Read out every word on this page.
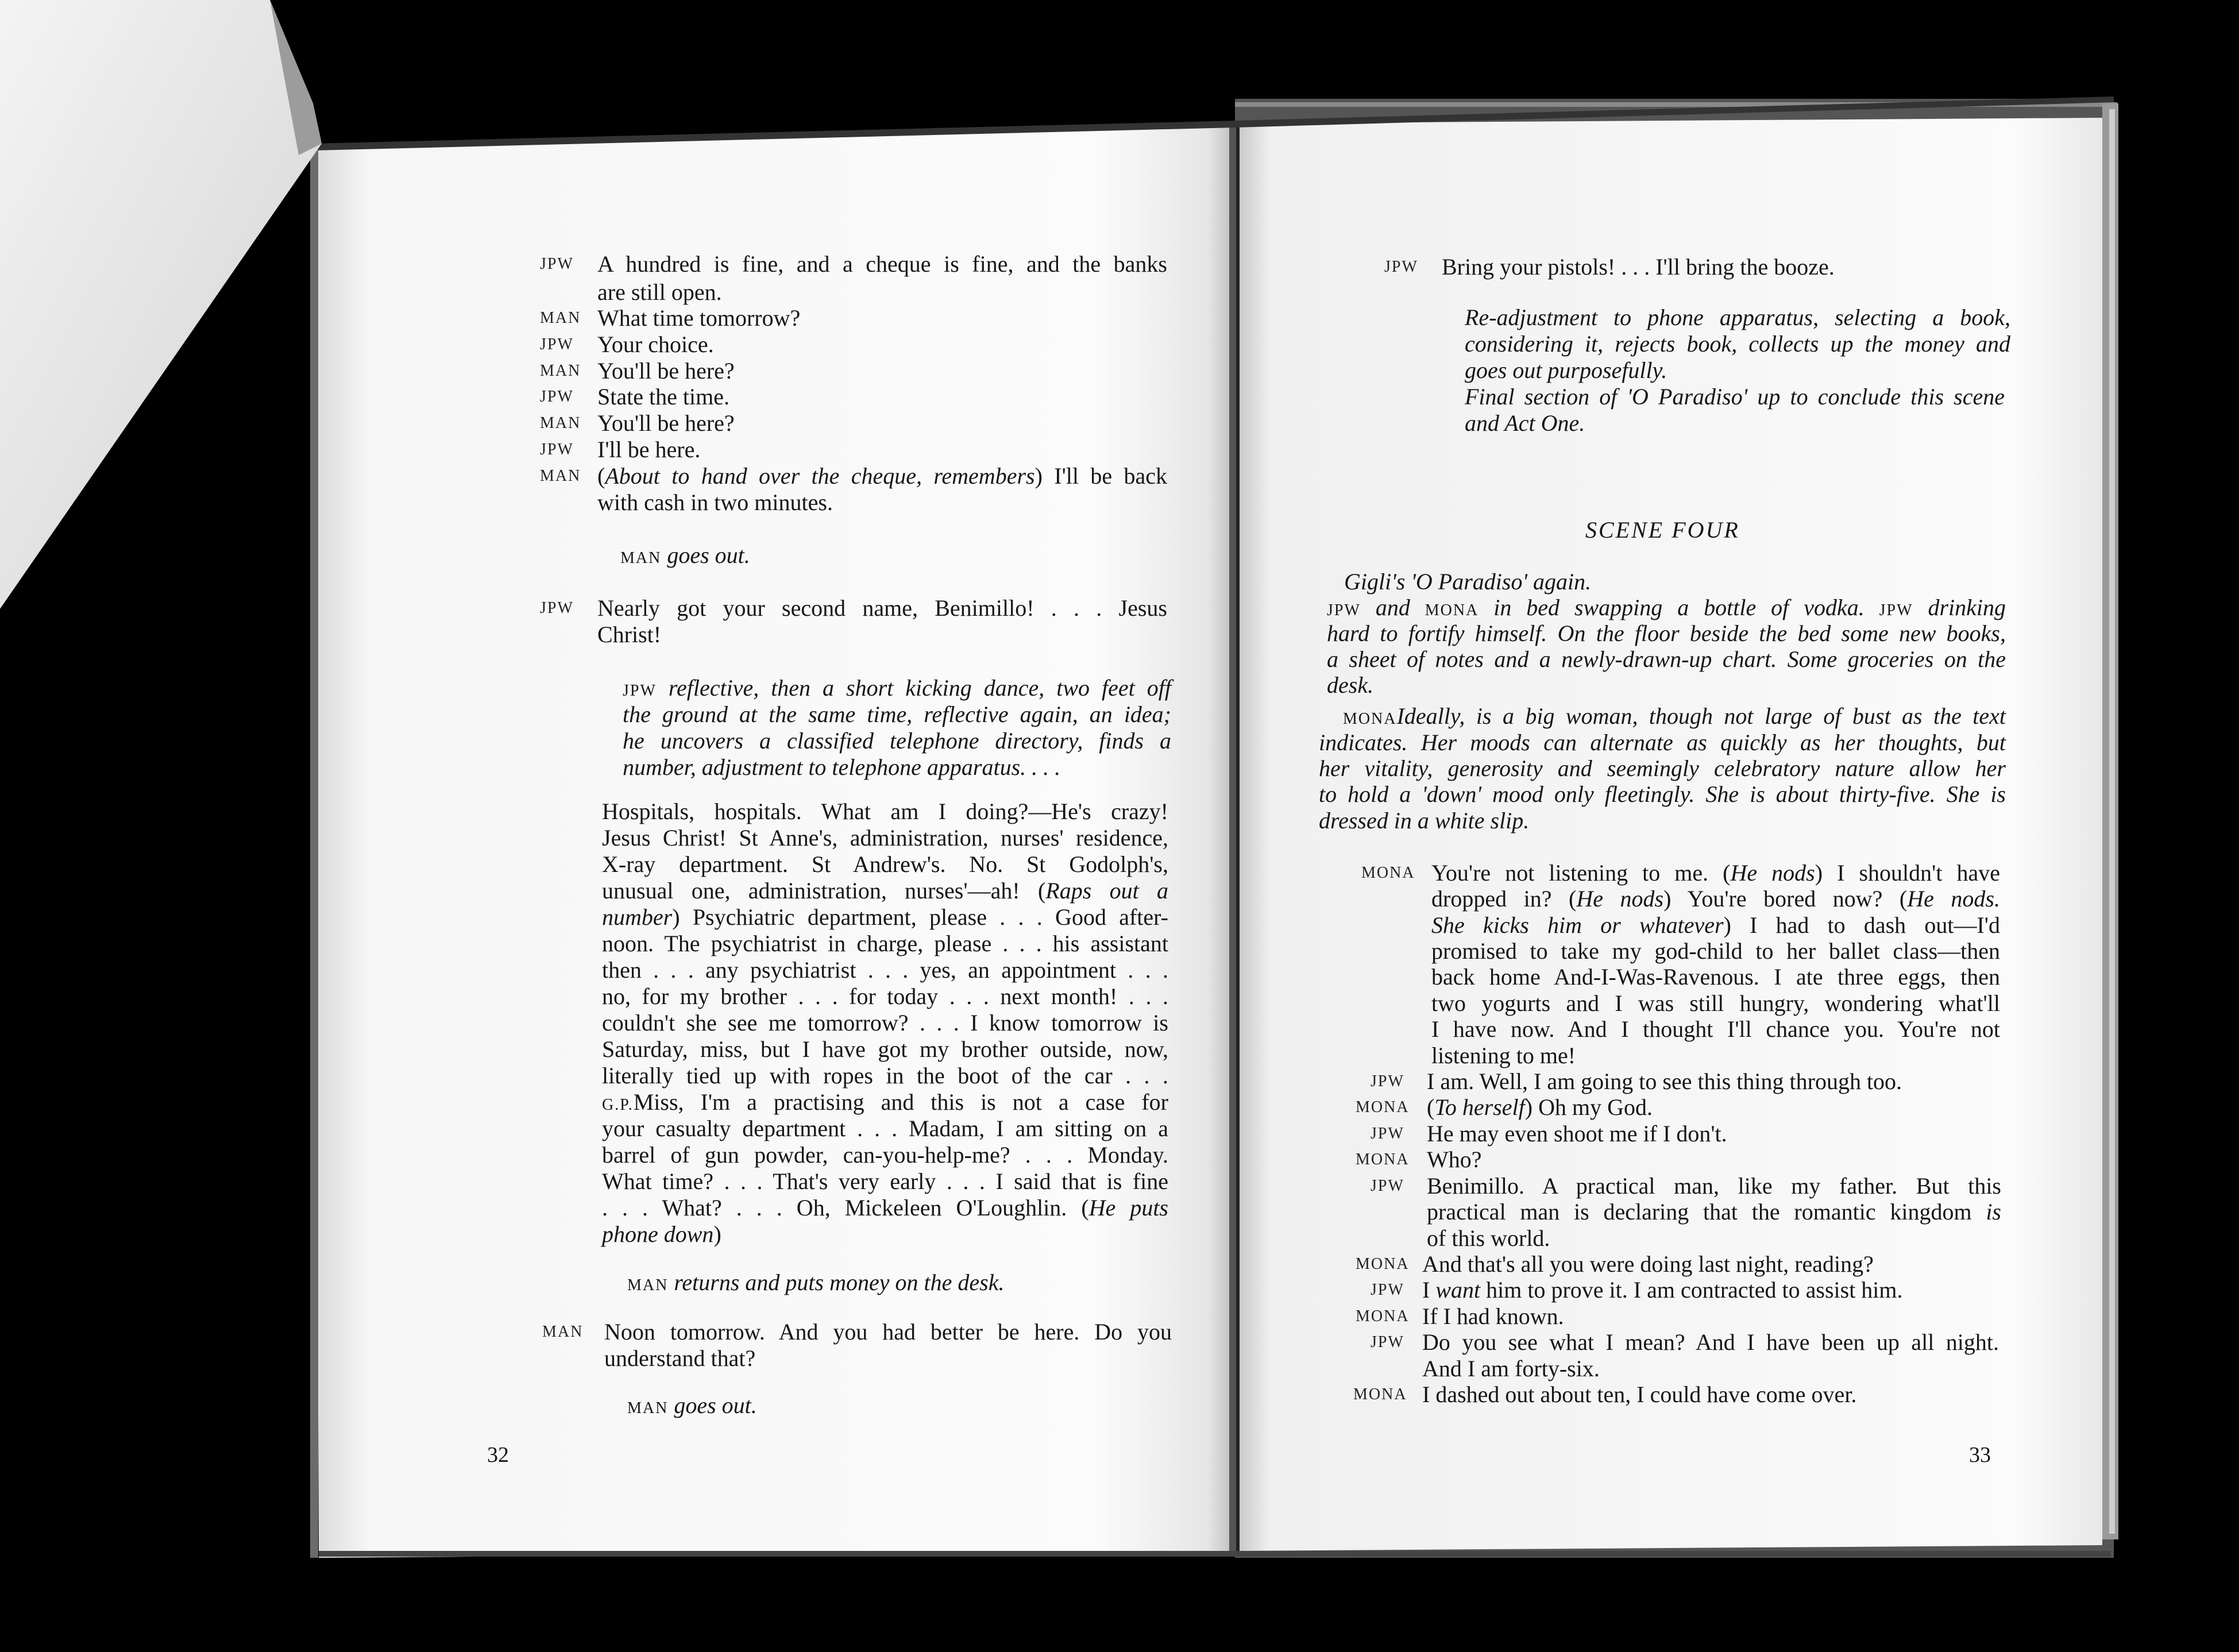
JPW A hundred is fine, and a cheque is fine, and the banks
are still open.
MAN What time tomorrow?
JPW Your choice.
MAN You'll be here?
JPW State the time.
MAN You'll be here?
JPW I'll be here.
MAN (About to hand over the cheque, remembers) I'll be back
with cash in two minutes.
MAN goes out.
JPW Nearly got your second name, Benimillo! . . . Jesus
Christ!
JPW reflective, then a short kicking dance, two feet off
the ground at the same time, reflective again, an idea;
he uncovers a classified telephone directory, finds a
number, adjustment to telephone apparatus. . . .
Hospitals, hospitals. What am I doing?—He's crazy!
Jesus Christ! St Anne's, administration, nurses' residence,
X-ray department. St Andrew's. No. St Godolph's,
unusual one, administration, nurses'—ah! (Raps out a
number) Psychiatric department, please . . . Good after-
noon. The psychiatrist in charge, please . . . his assistant
then . . . any psychiatrist . . . yes, an appointment . . .
no, for my brother . . . for today . . . next month! . . .
couldn't she see me tomorrow? . . . I know tomorrow is
Saturday, miss, but I have got my brother outside, now,
literally tied up with ropes in the boot of the car . . .
G.P.Miss, I'm a practising and this is not a case for
your casualty department . . . Madam, I am sitting on a
barrel of gun powder, can-you-help-me? . . . Monday.
What time? . . . That's very early . . . I said that is fine
. . . What? . . . Oh, Mickeleen O'Loughlin. (He puts
phone down)
MAN returns and puts money on the desk.
MAN Noon tomorrow. And you had better be here. Do you
understand that?
MAN goes out.
JPW Bring your pistols! . . . I'll bring the booze.
Re-adjustment to phone apparatus, selecting a book,
considering it, rejects book, collects up the money and
goes out purposefully.
Final section of 'O Paradiso' up to conclude this scene
and Act One.
Gigli's 'O Paradiso' again.
JPW and MONA in bed swapping a bottle of vodka. JPW drinking
hard to fortify himself. On the floor beside the bed some new books,
a sheet of notes and a newly-drawn-up chart. Some groceries on the
desk.
MONAIdeally, is a big woman, though not large of bust as the text
indicates. Her moods can alternate as quickly as her thoughts, but
her vitality, generosity and seemingly celebratory nature allow her
to hold a 'down' mood only fleetingly. She is about thirty-five. She is
dressed in a white slip.
MONA You're not listening to me. (He nods) I shouldn't have
dropped in? (He nods) You're bored now? (He nods.
She kicks him or whatever) I had to dash out—I'd
promised to take my god-child to her ballet class—then
back home And-I-Was-Ravenous. I ate three eggs, then
two yogurts and I was still hungry, wondering what'll
I have now. And I thought I'll chance you. You're not
listening to me!
JPW I am. Well, I am going to see this thing through too.
MONA (To herself) Oh my God.
JPW He may even shoot me if I don't.
MONA Who?
JPW Benimillo. A practical man, like my father. But this
practical man is declaring that the romantic kingdom is
of this world.
MONA And that's all you were doing last night, reading?
JPW I want him to prove it. I am contracted to assist him.
MONA If I had known.
JPW Do you see what I mean? And I have been up all night.
And I am forty-six.
MONA I dashed out about ten, I could have come over.
32	33
SCENE FOUR
